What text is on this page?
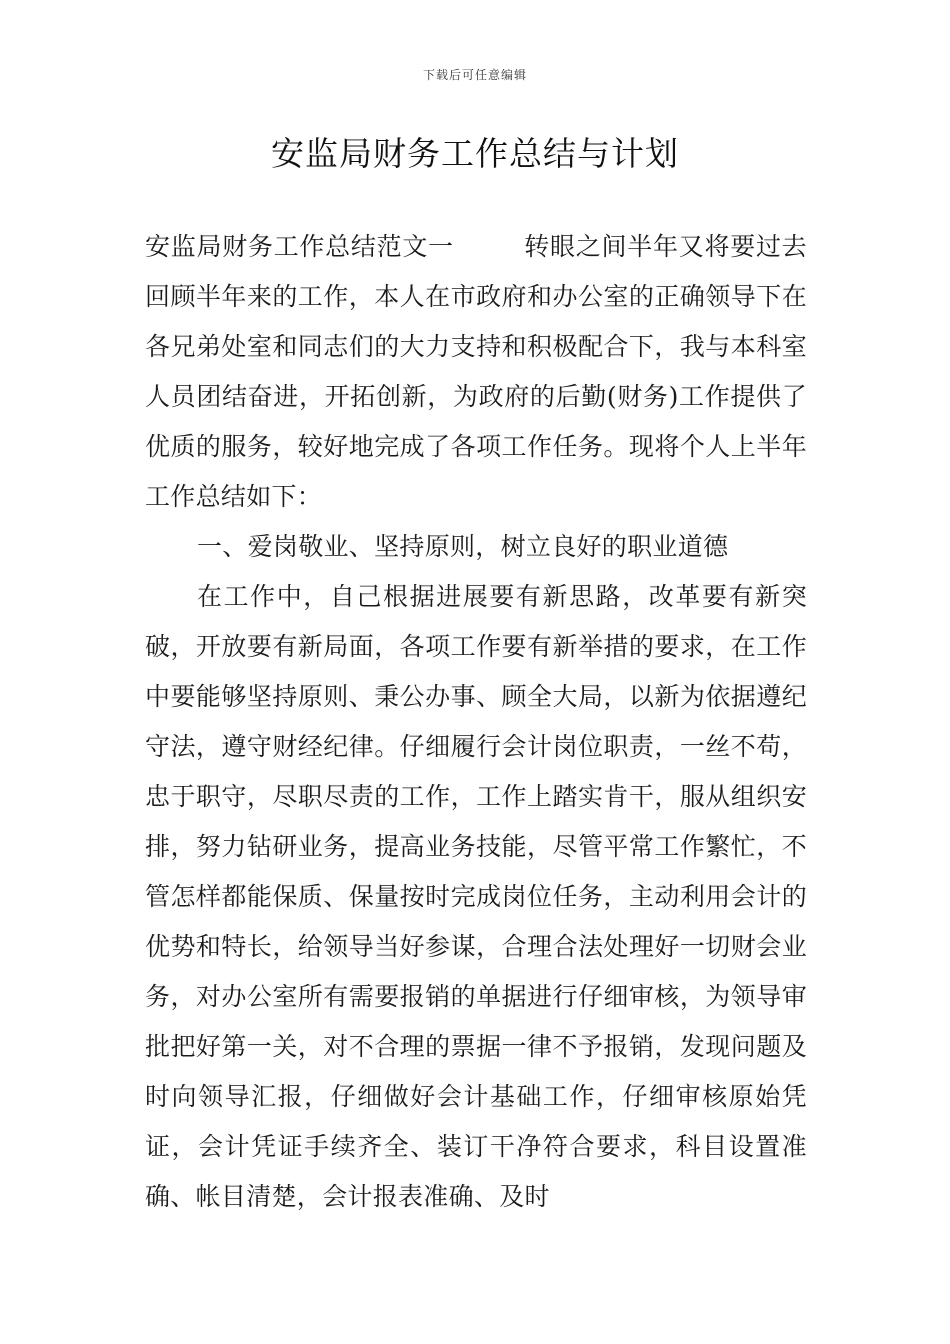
下载后可任意编辑
安监局财务工作总结与计划

安监局财务工作总结范文一	转眼之间半年又将要过去回顾半年来的工作，本人在市政府和办公室的正确领导下在各兄弟处室和同志们的大力支持和积极配合下，我与本科室人员团结奋进，开拓创新，为政府的后勤(财务)工作提供了优质的服务，较好地完成了各项工作任务。现将个人上半年工作总结如下：

一、爱岗敬业、坚持原则，树立良好的职业道德

在工作中，自己根据进展要有新思路，改革要有新突破，开放要有新局面，各项工作要有新举措的要求，在工作中要能够坚持原则、秉公办事、顾全大局，以新为依据遵纪守法，遵守财经纪律。仔细履行会计岗位职责，一丝不苟，忠于职守，尽职尽责的工作，工作上踏实肯干，服从组织安排，努力钻研业务，提高业务技能，尽管平常工作繁忙，不管怎样都能保质、保量按时完成岗位任务，主动利用会计的优势和特长，给领导当好参谋，合理合法处理好一切财会业务，对办公室所有需要报销的单据进行仔细审核，为领导审批把好第一关，对不合理的票据一律不予报销，发现问题及时向领导汇报，仔细做好会计基础工作，仔细审核原始凭证，会计凭证手续齐全、装订干净符合要求，科目设置准确、帐目清楚，会计报表准确、及时
